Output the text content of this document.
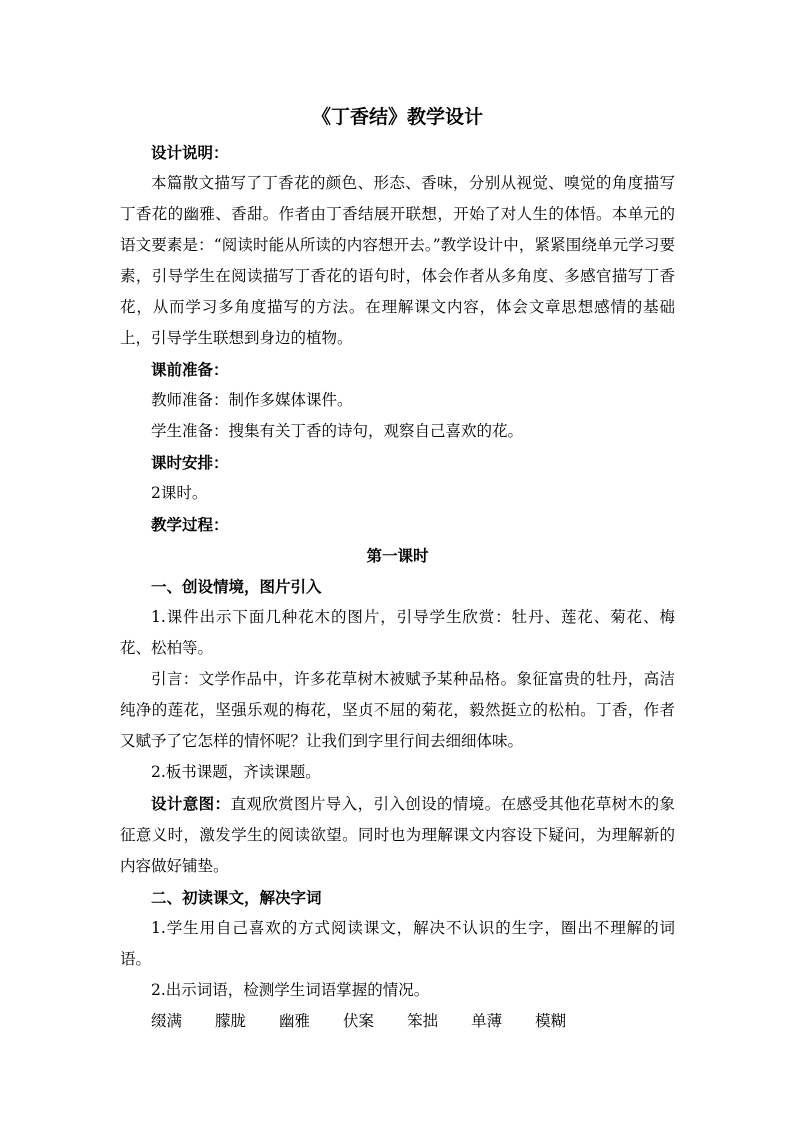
《丁香结》教学设计

设计说明：

本篇散文描写了丁香花的颜色、形态、香味，分别从视觉、嗅觉的角度描写丁香花的幽雅、香甜。作者由丁香结展开联想，开始了对人生的体悟。本单元的语文要素是：“阅读时能从所读的内容想开去。”教学设计中，紧紧围绕单元学习要素，引导学生在阅读描写丁香花的语句时，体会作者从多角度、多感官描写丁香花，从而学习多角度描写的方法。在理解课文内容，体会文章思想感情的基础上，引导学生联想到身边的植物。

课前准备：

教师准备：制作多媒体课件。

学生准备：搜集有关丁香的诗句，观察自己喜欢的花。

课时安排：

2课时。

教学过程：

第一课时

一、创设情境，图片引入

1.课件出示下面几种花木的图片，引导学生欣赏：牡丹、莲花、菊花、梅花、松柏等。

引言：文学作品中，许多花草树木被赋予某种品格。象征富贵的牡丹，高洁纯净的莲花，坚强乐观的梅花，坚贞不屈的菊花，毅然挺立的松柏。丁香，作者又赋予了它怎样的情怀呢？让我们到字里行间去细细体味。

2.板书课题，齐读课题。

设计意图：直观欣赏图片导入，引入创设的情境。在感受其他花草树木的象征意义时，激发学生的阅读欲望。同时也为理解课文内容设下疑问，为理解新的内容做好铺垫。

二、初读课文，解决字词

1.学生用自己喜欢的方式阅读课文，解决不认识的生字，圈出不理解的词语。

2.出示词语，检测学生词语掌握的情况。

缀满 朦胧 幽雅 伏案 笨拙 单薄 模糊
